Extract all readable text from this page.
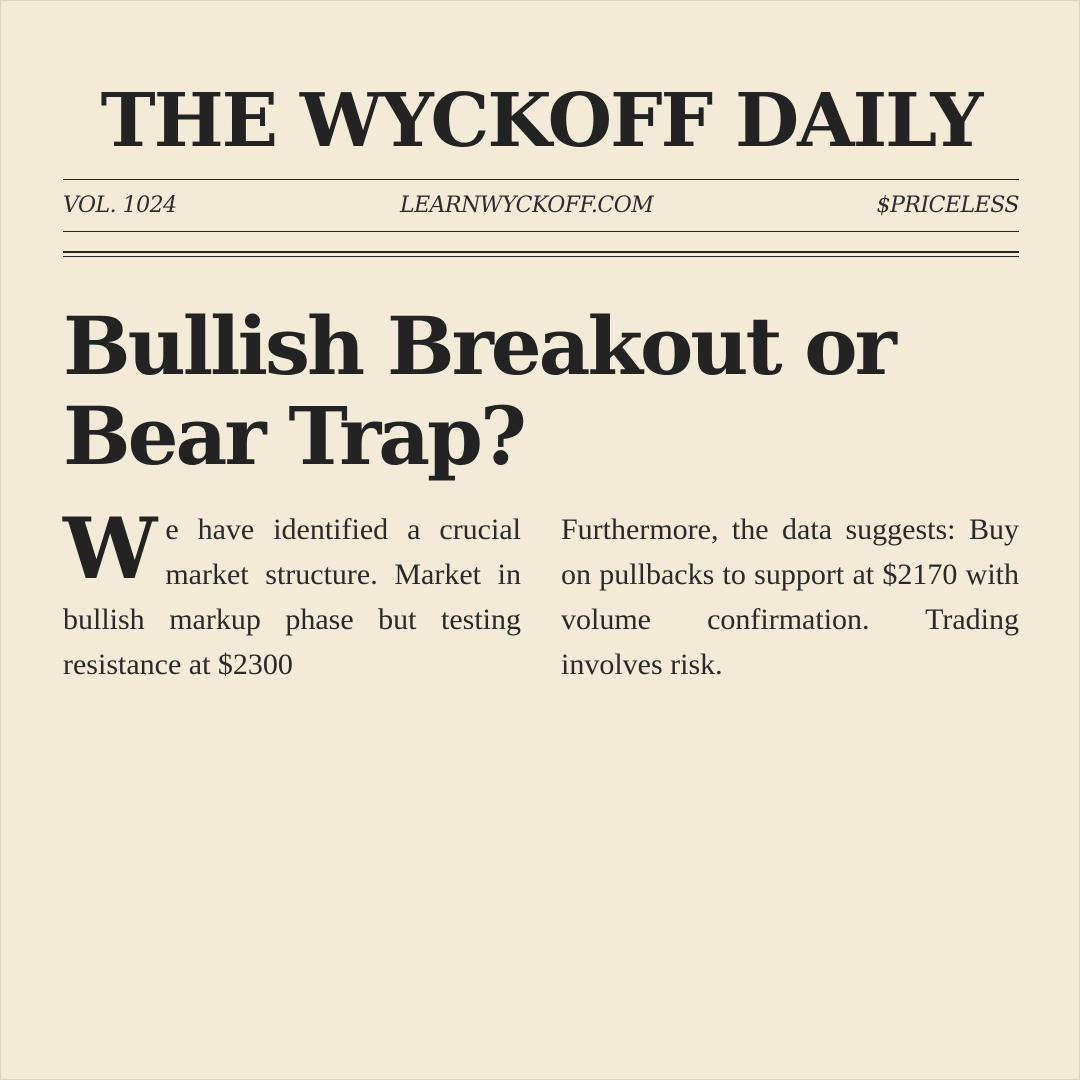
THE WYCKOFF DAILY
VOL. 1024	LEARNWYCKOFF.COM	$PRICELESS
Bullish Breakout or Bear Trap?
We have identified a crucial market structure. Market in bullish markup phase but testing resistance at $2300
Furthermore, the data suggests: Buy on pullbacks to support at $2170 with volume confirmation. Trading involves risk.
